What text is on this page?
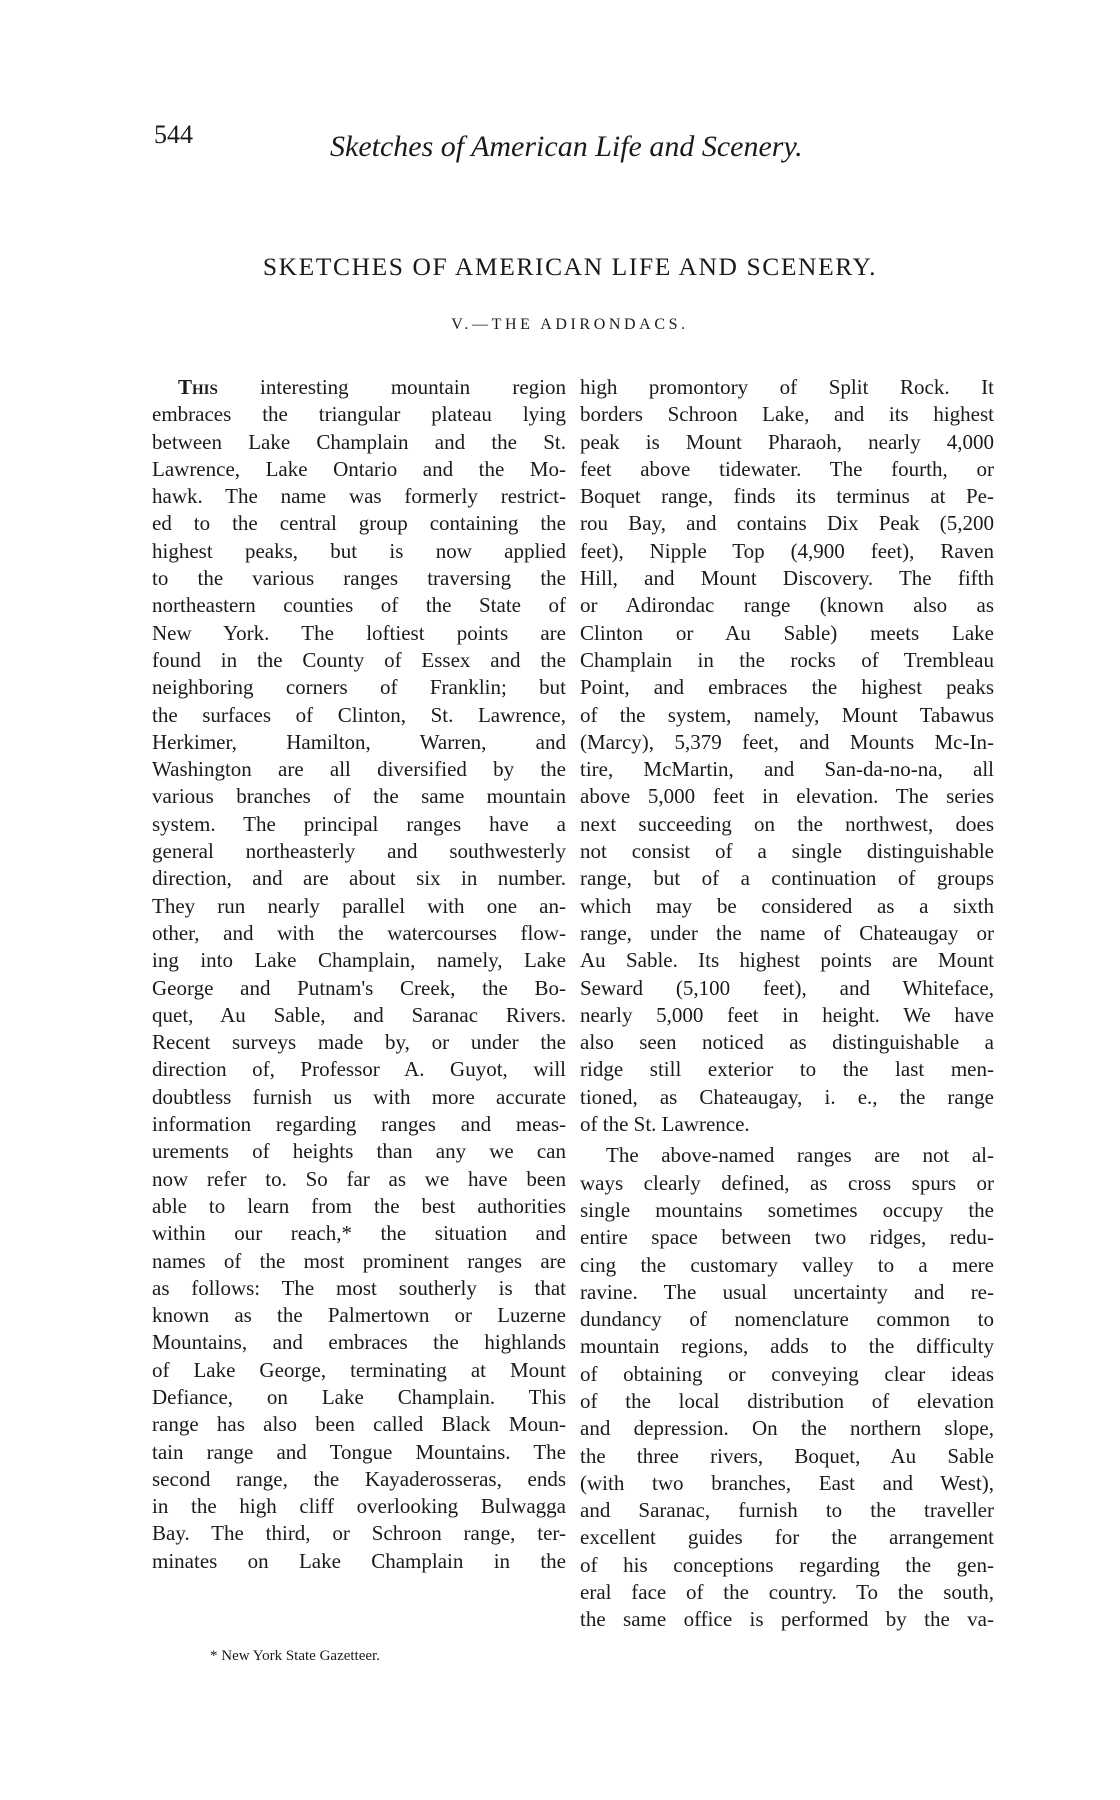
544	Sketches of American Life and Scenery.
SKETCHES OF AMERICAN LIFE AND SCENERY.
V.—THE ADIRONDACS.
This interesting mountain region
embraces the triangular plateau lying
between Lake Champlain and the St.
Lawrence, Lake Ontario and the Mo-
hawk. The name was formerly restrict-
ed to the central group containing the
highest peaks, but is now applied
to the various ranges traversing the
northeastern counties of the State of
New York. The loftiest points are
found in the County of Essex and the
neighboring corners of Franklin; but
the surfaces of Clinton, St. Lawrence,
Herkimer, Hamilton, Warren, and
Washington are all diversified by the
various branches of the same mountain
system. The principal ranges have a
general northeasterly and southwesterly
direction, and are about six in number.
They run nearly parallel with one an-
other, and with the watercourses flow-
ing into Lake Champlain, namely, Lake
George and Putnam's Creek, the Bo-
quet, Au Sable, and Saranac Rivers.
Recent surveys made by, or under the
direction of, Professor A. Guyot, will
doubtless furnish us with more accurate
information regarding ranges and meas-
urements of heights than any we can
now refer to. So far as we have been
able to learn from the best authorities
within our reach,* the situation and
names of the most prominent ranges are
as follows: The most southerly is that
known as the Palmertown or Luzerne
Mountains, and embraces the highlands
of Lake George, terminating at Mount
Defiance, on Lake Champlain. This
range has also been called Black Moun-
tain range and Tongue Mountains. The
second range, the Kayaderosseras, ends
in the high cliff overlooking Bulwagga
Bay. The third, or Schroon range, ter-
minates on Lake Champlain in the
high promontory of Split Rock. It
borders Schroon Lake, and its highest
peak is Mount Pharaoh, nearly 4,000
feet above tidewater. The fourth, or
Boquet range, finds its terminus at Pe-
rou Bay, and contains Dix Peak (5,200
feet), Nipple Top (4,900 feet), Raven
Hill, and Mount Discovery. The fifth
or Adirondac range (known also as
Clinton or Au Sable) meets Lake
Champlain in the rocks of Trembleau
Point, and embraces the highest peaks
of the system, namely, Mount Tabawus
(Marcy), 5,379 feet, and Mounts Mc-In-
tire, McMartin, and San-da-no-na, all
above 5,000 feet in elevation. The series
next succeeding on the northwest, does
not consist of a single distinguishable
range, but of a continuation of groups
which may be considered as a sixth
range, under the name of Chateaugay or
Au Sable. Its highest points are Mount
Seward (5,100 feet), and Whiteface,
nearly 5,000 feet in height. We have
also seen noticed as distinguishable a
ridge still exterior to the last men-
tioned, as Chateaugay, i. e., the range
of the St. Lawrence.
The above-named ranges are not al-
ways clearly defined, as cross spurs or
single mountains sometimes occupy the
entire space between two ridges, redu-
cing the customary valley to a mere
ravine. The usual uncertainty and re-
dundancy of nomenclature common to
mountain regions, adds to the difficulty
of obtaining or conveying clear ideas
of the local distribution of elevation
and depression. On the northern slope,
the three rivers, Boquet, Au Sable
(with two branches, East and West),
and Saranac, furnish to the traveller
excellent guides for the arrangement
of his conceptions regarding the gen-
eral face of the country. To the south,
the same office is performed by the va-
* New York State Gazetteer.
